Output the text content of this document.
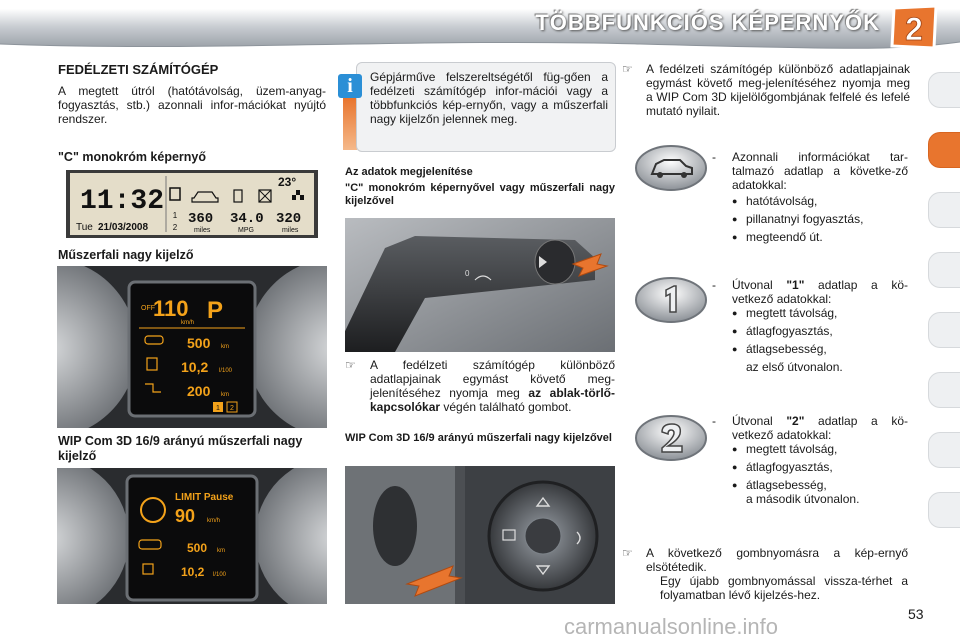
TÖBBFUNKCIÓS KÉPERNYŐK 2
FEDÉLZETI SZÁMÍTÓGÉP
A megtett útról (hatótávolság, üzem-anyag-fogyasztás, stb.) azonnali infor-mációkat nyújtó rendszer.
"C" monokróm képernyő
11:32
Tue 21/03/2008
23°
1
2
360
miles
34.0
MPG
320
miles
Műszerfali nagy kijelző
OFF
110
km/h P
500 km
10,2 l/100
200 km
1 2
WIP Com 3D 16/9 arányú műszerfali nagy kijelző
LIMIT Pause
90 km/h
500 km
10,2 l/100
i	Gépjárműve felszereltségétől füg-gően a fedélzeti számítógép infor-mációi vagy a többfunkciós kép-ernyőn, vagy a műszerfali nagy kijelzőn jelennek meg.
Az adatok megjelenítése
"C" monokróm képernyővel vagy műszerfali nagy kijelzővel
0
☞ A fedélzeti számítógép különböző adatlapjainak egymást követő meg-jelenítéséhez nyomja meg az ablak-törlő-kapcsolókar végén található gombot.
WIP Com 3D 16/9 arányú műszerfali nagy kijelzővel
☞ A fedélzeti számítógép különböző adatlapjainak egymást követő meg-jelenítéséhez nyomja meg a WIP Com 3D kijelölőgombjának felfelé és lefelé mutató nyilait.
-	Azonnali információkat tar-talmazó adatlap a követke-ző adatokkal:
● hatótávolság,
● pillanatnyi fogyasztás,
● megteendő út.
-	Útvonal "1" adatlap a kö-vetkező adatokkal:
● megtett távolság,
● átlagfogyasztás,
● átlagsebesség,
az első útvonalon.
-	Útvonal "2" adatlap a kö-vetkező adatokkal:
● megtett távolság,
● átlagfogyasztás,
● átlagsebesség,
a második útvonalon.
☞ A következő gombnyomásra a kép-ernyő elsötétedik.
Egy újabb gombnyomással vissza-térhet a folyamatban lévő kijelzés-hez.
53
carmanualsonline.info
